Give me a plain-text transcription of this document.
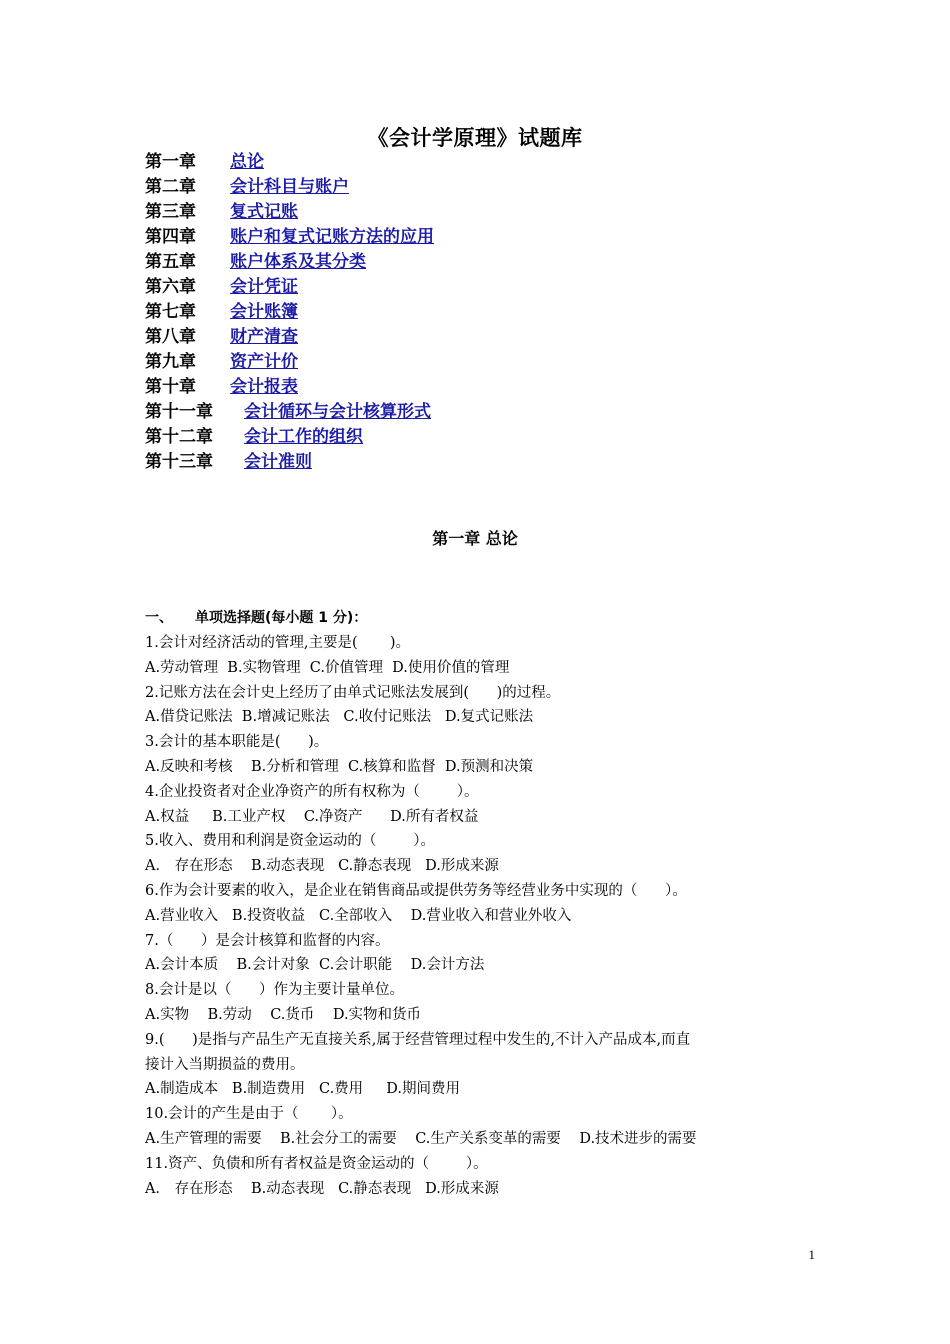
《会计学原理》试题库
第一章 总论
第二章 会计科目与账户
第三章 复式记账
第四章 账户和复式记账方法的应用
第五章 账户体系及其分类
第六章 会计凭证
第七章 会计账簿
第八章 财产清查
第九章 资产计价
第十章 会计报表
第十一章 会计循环与会计核算形式
第十二章 会计工作的组织
第十三章 会计准则
第一章 总论
一、 单项选择题(每小题 1 分)：
1.会计对经济活动的管理,主要是(       )。
A.劳动管理  B.实物管理  C.价值管理  D.使用价值的管理
2.记账方法在会计史上经历了由单式记账法发展到(      )的过程。
A.借贷记账法  B.增减记账法   C.收付记账法   D.复式记账法
3.会计的基本职能是(      )。
A.反映和考核    B.分析和管理  C.核算和监督  D.预测和决策
4.企业投资者对企业净资产的所有权称为（        ）。
A.权益     B.工业产权    C.净资产      D.所有者权益
5.收入、费用和利润是资金运动的（        ）。
A． 存在形态    B.动态表现   C.静态表现   D.形成来源
6.作为会计要素的收入，是企业在销售商品或提供劳务等经营业务中实现的（      ）。
A.营业收入   B.投资收益   C.全部收入    D.营业收入和营业外收入
7.（      ）是会计核算和监督的内容。
A.会计本质    B.会计对象  C.会计职能    D.会计方法
8.会计是以（      ）作为主要计量单位。
A.实物    B.劳动    C.货币    D.实物和货币
9.(      )是指与产品生产无直接关系,属于经营管理过程中发生的,不计入产品成本,而直
接计入当期损益的费用。
A.制造成本   B.制造费用   C.费用     D.期间费用
10.会计的产生是由于（       ）。
A.生产管理的需要    B.社会分工的需要    C.生产关系变革的需要    D.技术进步的需要
11.资产、负债和所有者权益是资金运动的（        ）。
A． 存在形态    B.动态表现   C.静态表现   D.形成来源
1
